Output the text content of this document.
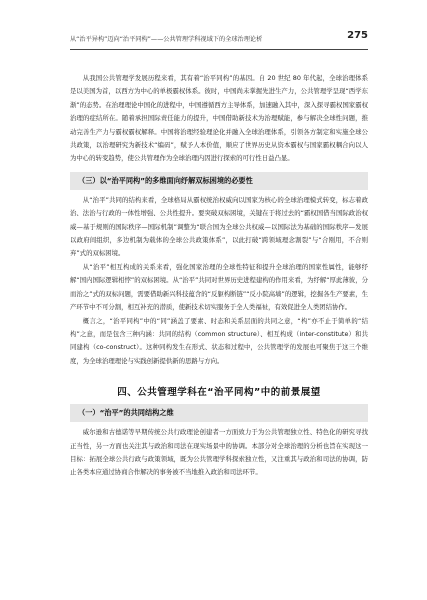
从“治平异构”迈向“治平同构”——公共管理学科视域下的全球治理论析	275

从我国公共管理学发展历程来看，其有着“治平同构”的基因。自 20 世纪 80 年代起，全球治理体系是以美国为首，以西方为中心的单极霸权体系。彼时，中国尚未掌握先进生产力，公共管理学呈现“西学东渐”的态势。在治理理论中国化的进程中，中国遵循西方主导体系，加速融入其中，深入探寻霸权国家霸权治理的症结所在。随着承担国际责任能力的提升，中国借助新技术为治理赋能，参与解决全球性问题，推动完善生产力与霸权霸权解释。中国将治理经验理论化并融入全球治理体系，引领各方制定和实施全球公共政策，以治理研究为新技术“编码”，赋予人本价值，顺应了世界历史从资本霸权与国家霸权耦合向以人为中心的转变趋势，使公共管理作为全球治理内因进行探索的可行性日益凸显。

（三）以“治平同构”的多维面向纾解双标困境的必要性

从“治平”共同的结构来看，全球格局从霸权统治权威向以国家为核心的全球治理模式转变，标志着政治、法治与行政的一体性增强、公共性提升。要突破双标困境，关键在于将过去的“霸权国借当国际政治权威—基于规则的国际秩序—国际机制”调整为“联合国为全球公共权威—以国际法为基础的国际秩序—发展以政府间组织，多边机制为载体的全球公共政策体系”，以此打破“跨领域理念割裂”与“合刚用，不合则弃”式的双标困境。

从“治平”相互构成的关系来看，强化国家治理的全球性特征和提升全球治理的国家性属性，能够纾解“国内国际逻辑相悖”的双标困境。从“治平”共同对世界历史进程建构的作用来看，为纾解“厚此薄彼，分而治之”式的双标问题，需要借助新兴科技蕴含的“反躯构断链”“反小院高墙”的逻辑，挖掘各生产要素，生产环节中不可分割，相互补充的潜质，使新技术切实服务于全人类福祉，有效促进全人类团结协作。

概言之，“治平同构”中的“同”涵盖了要素、时态和关系层面的共同之意，“构”亦不止于简单的“结构”之意，而是包含三种内涵：共同的结构（common structure）、相互构成（inter-constitute）和共同建构（co-construct）。这种同构发生在形式、状态和过程中，公共管理学的发展也可聚焦于这三个维度，为全球治理理论与实践创新提供新的思路与方向。

四、公共管理学科在“治平同构”中的前景展望
（一）“治平”的共同结构之维

威尔逊和古德诺等早期传统公共行政理论创建者一方面致力于为公共管理独立性、特色化的研究寻找正当性，另一方面也关注其与政治和司法在现实场景中的协调。本部分对全球治理的分析也旨在实现这一目标：拓展全球公共行政与政策领域，既为公共管理学科探索独立性，又注重其与政治和司法的协调，防止各类本应通过协商合作解决的事务被不当地推入政治和司法环节。
